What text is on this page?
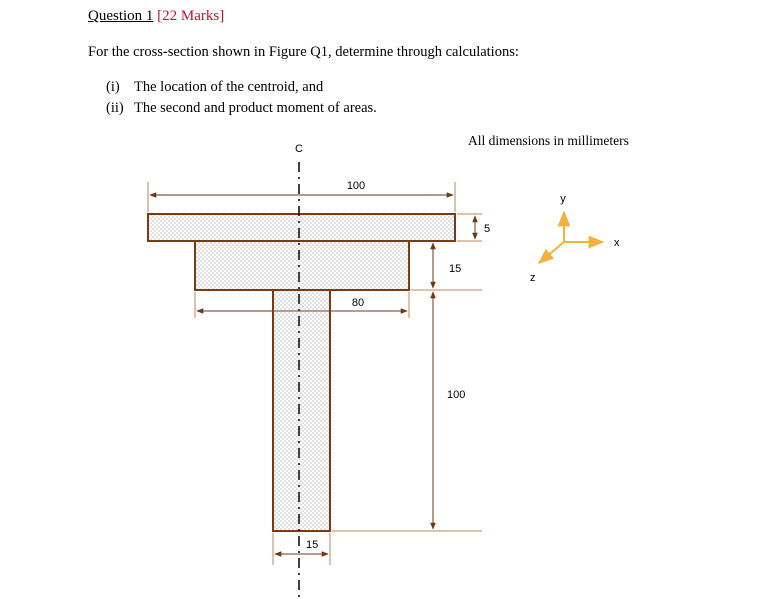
Question 1 [22 Marks]
For the cross-section shown in Figure Q1, determine through calculations:
(i) The location of the centroid, and
(ii) The second and product moment of areas.
All dimensions in millimeters
C
100
5
15
100
80
15
y
x
z
